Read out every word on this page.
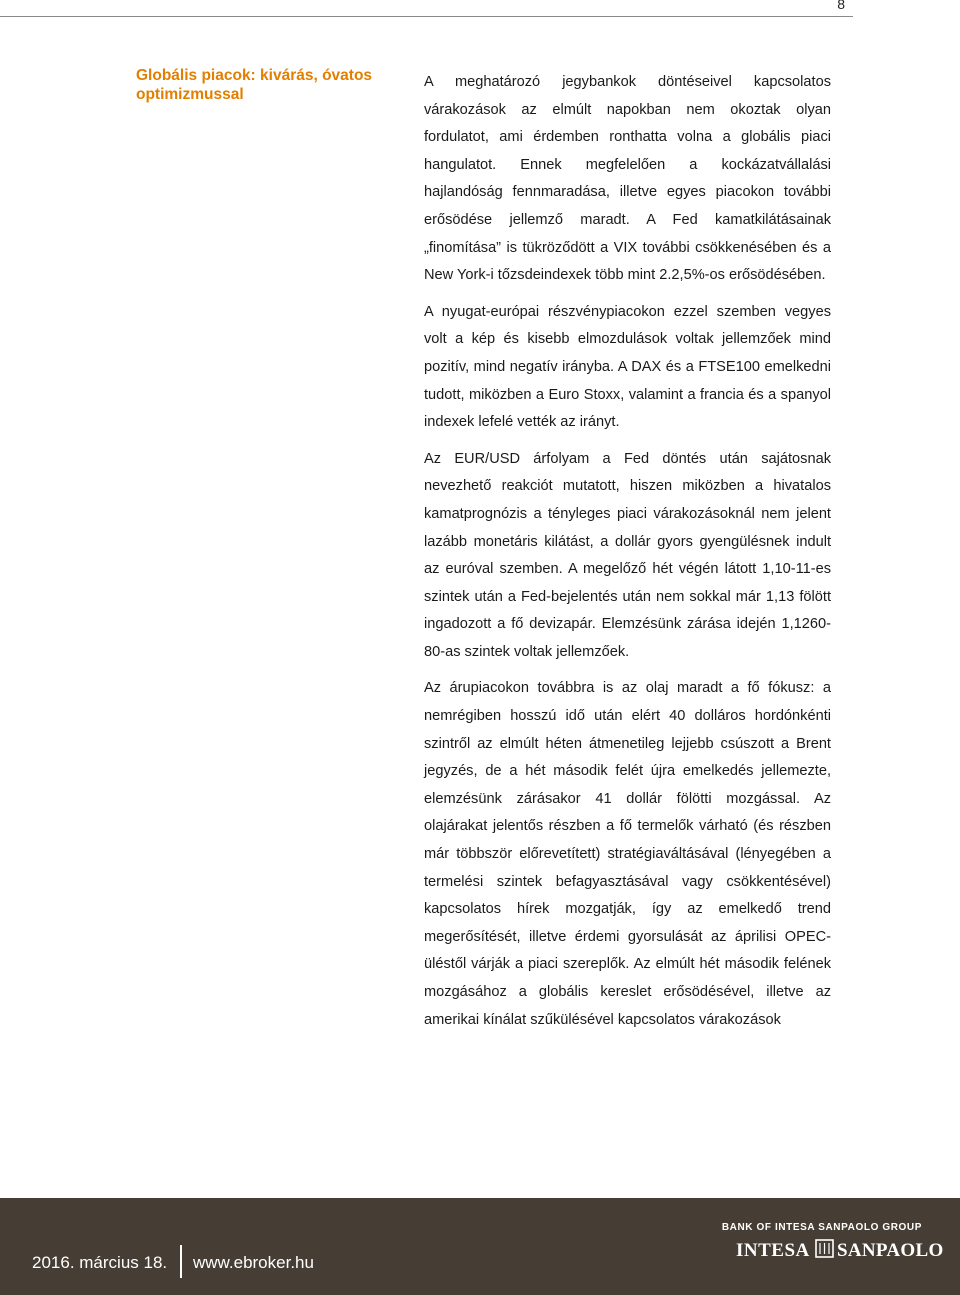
8
Globális piacok: kivárás, óvatos optimizmussal

A meghatározó jegybankok döntéseivel kapcsolatos várakozások az elmúlt napokban nem okoztak olyan fordulatot, ami érdemben ronthatta volna a globális piaci hangulatot. Ennek megfelelően a kockázatvállalási hajlandóság fennmaradása, illetve egyes piacokon további erősödése jellemző maradt. A Fed kamatkilátásainak „finomítása” is tükröződött a VIX további csökkenésében és a New York-i tőzsdeindexek több mint 2.2,5%-os erősödésében.

A nyugat-európai részvénypiacokon ezzel szemben vegyes volt a kép és kisebb elmozdulások voltak jellemzőek mind pozitív, mind negatív irányba. A DAX és a FTSE100 emelkedni tudott, miközben a Euro Stoxx, valamint a francia és a spanyol indexek lefelé vették az irányt.

Az EUR/USD árfolyam a Fed döntés után sajátosnak nevezhető reakciót mutatott, hiszen miközben a hivatalos kamatprognózis a tényleges piaci várakozásoknál nem jelent lazább monetáris kilátást, a dollár gyors gyengülésnek indult az euróval szemben. A megelőző hét végén látott 1,10-11-es szintek után a Fed-bejelentés után nem sokkal már 1,13 fölött ingadozott a fő devizapár. Elemzésünk zárása idején 1,1260-80-as szintek voltak jellemzőek.

Az árupiacokon továbbra is az olaj maradt a fő fókusz: a nemrégiben hosszú idő után elért 40 dolláros hordónkénti szintről az elmúlt héten átmenetileg lejjebb csúszott a Brent jegyzés, de a hét második felét újra emelkedés jellemezte, elemzésünk zárásakor 41 dollár fölötti mozgással. Az olajárakat jelentős részben a fő termelők várható (és részben már többször előrevetített) stratégiaváltásával (lényegében a termelési szintek befagyasztásával vagy csökkentésével) kapcsolatos hírek mozgatják, így az emelkedő trend megerősítését, illetve érdemi gyorsulását az áprilisi OPEC-üléstől várják a piaci szereplők. Az elmúlt hét második felének mozgásához a globális kereslet erősödésével, illetve az amerikai kínálat szűkülésével kapcsolatos várakozások

2016. március 18. www.ebroker.hu
BANK OF INTESA SANPAOLO GROUP
INTESA SANPAOLO
